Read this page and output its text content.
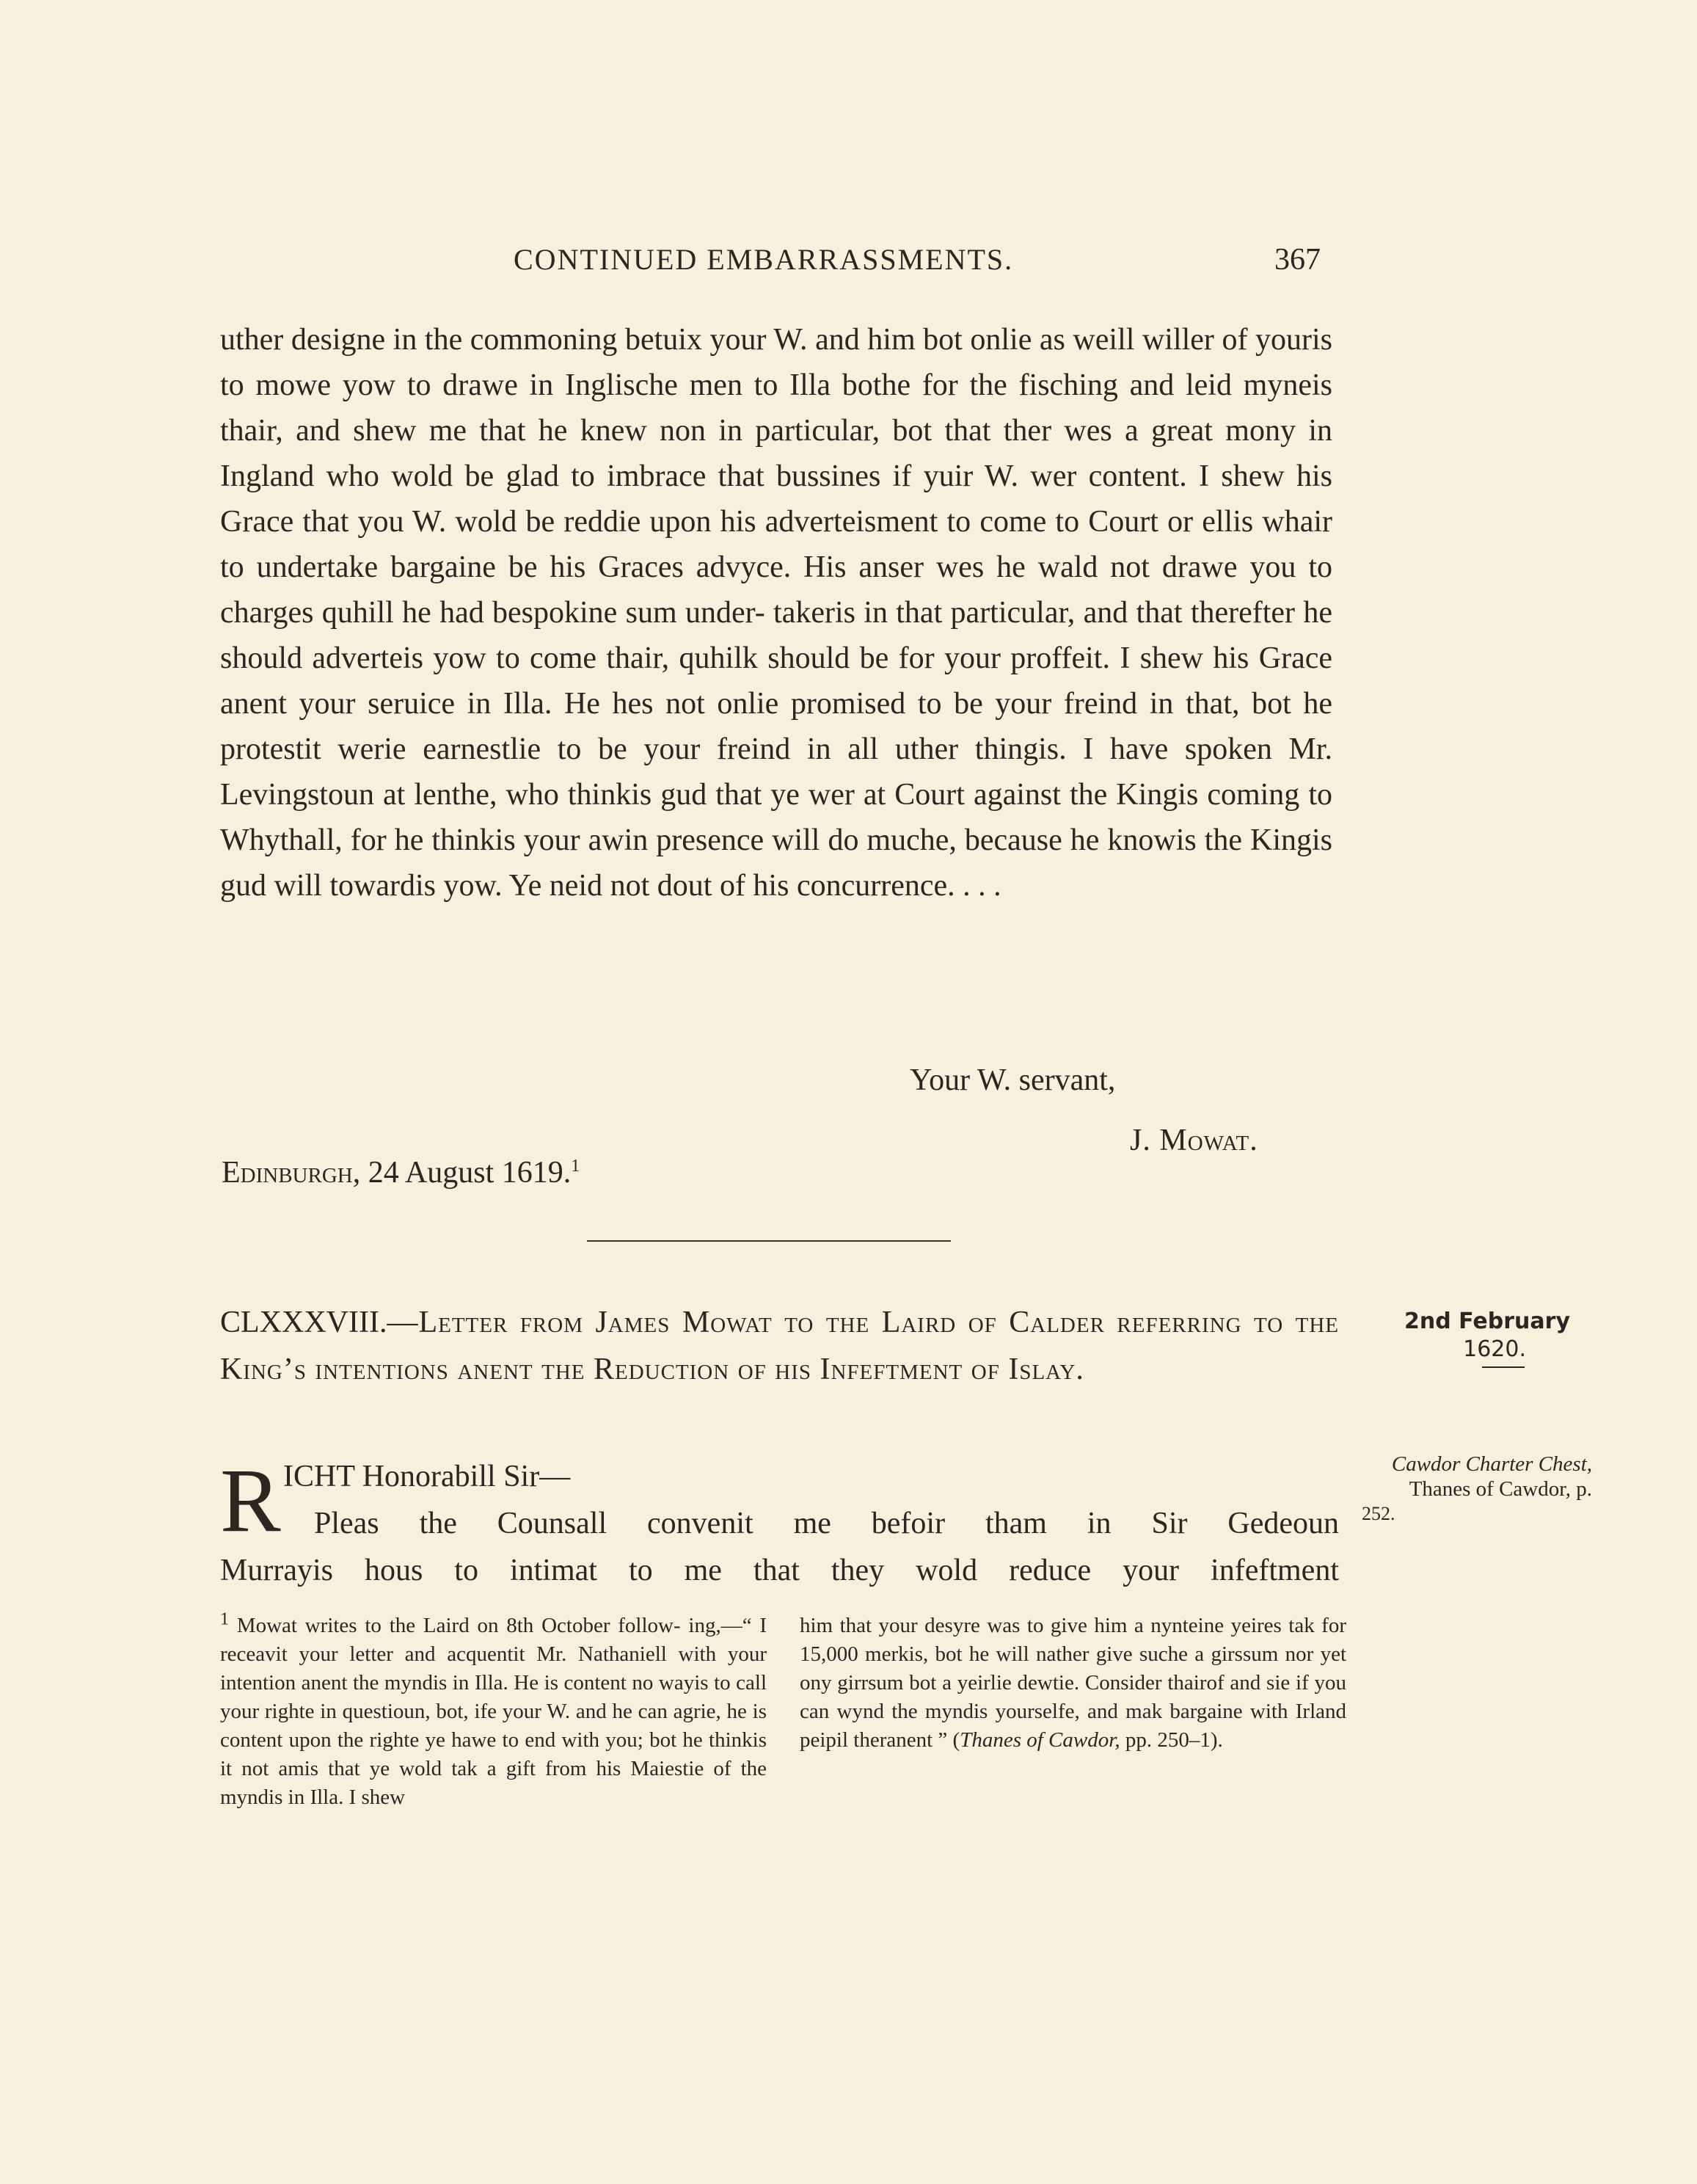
CONTINUED EMBARRASSMENTS.	367

uther designe in the commoning betuix your W. and him bot onlie as weill willer of youris to mowe yow to drawe in Inglische men to Illa bothe for the fisching and leid myneis thair, and shew me that he knew non in particular, bot that ther wes a great mony in Ingland who wold be glad to imbrace that bussines if yuir W. wer content. I shew his Grace that you W. wold be reddie upon his adverteisment to come to Court or ellis whair to undertake bargaine be his Graces advyce. His anser wes he wald not drawe you to charges quhill he had bespokine sum under- takeris in that particular, and that therefter he should adverteis yow to come thair, quhilk should be for your proffeit. I shew his Grace anent your seruice in Illa. He hes not onlie promised to be your freind in that, bot he protestit werie earnestlie to be your freind in all uther thingis. I have spoken Mr. Levingstoun at lenthe, who thinkis gud that ye wer at Court against the Kingis coming to Whythall, for he thinkis your awin presence will do muche, because he knowis the Kingis gud will towardis yow. Ye neid not dout of his concurrence. . . .

Your W. servant,
J. Mowat.
Edinburgh, 24 August 1619.$^1$
CLXXXVIII.—Letter from James Mowat to the Laird of Calder referring to the King’s intentions anent the Reduction of his Infeftment of Islay.
2nd February
1620.
Cawdor Charter Chest,
Thanes of Cawdor, p.
252.
R ICHT Honorabill Sir—
Pleas the Counsall convenit me befoir tham in Sir Gedeoun
Murrayis hous to intimat to me that they wold reduce your infeftment
$^1$ Mowat writes to the Laird on 8th October follow- ing,—“ I receavit your letter and acquentit Mr. Nathaniell with your intention anent the myndis in Illa. He is content no wayis to call your righte in questioun, bot, ife your W. and he can agrie, he is content upon the righte ye hawe to end with you; bot he thinkis it not amis that ye wold tak a gift from his Maiestie of the myndis in Illa. I shew
him that your desyre was to give him a nynteine yeires tak for 15,000 merkis, bot he will nather give suche a girssum nor yet ony girrsum bot a yeirlie dewtie. Consider thairof and sie if you can wynd the myndis yourselfe, and mak bargaine with Irland peipil theranent ” (Thanes of Cawdor, pp. 250–1).
